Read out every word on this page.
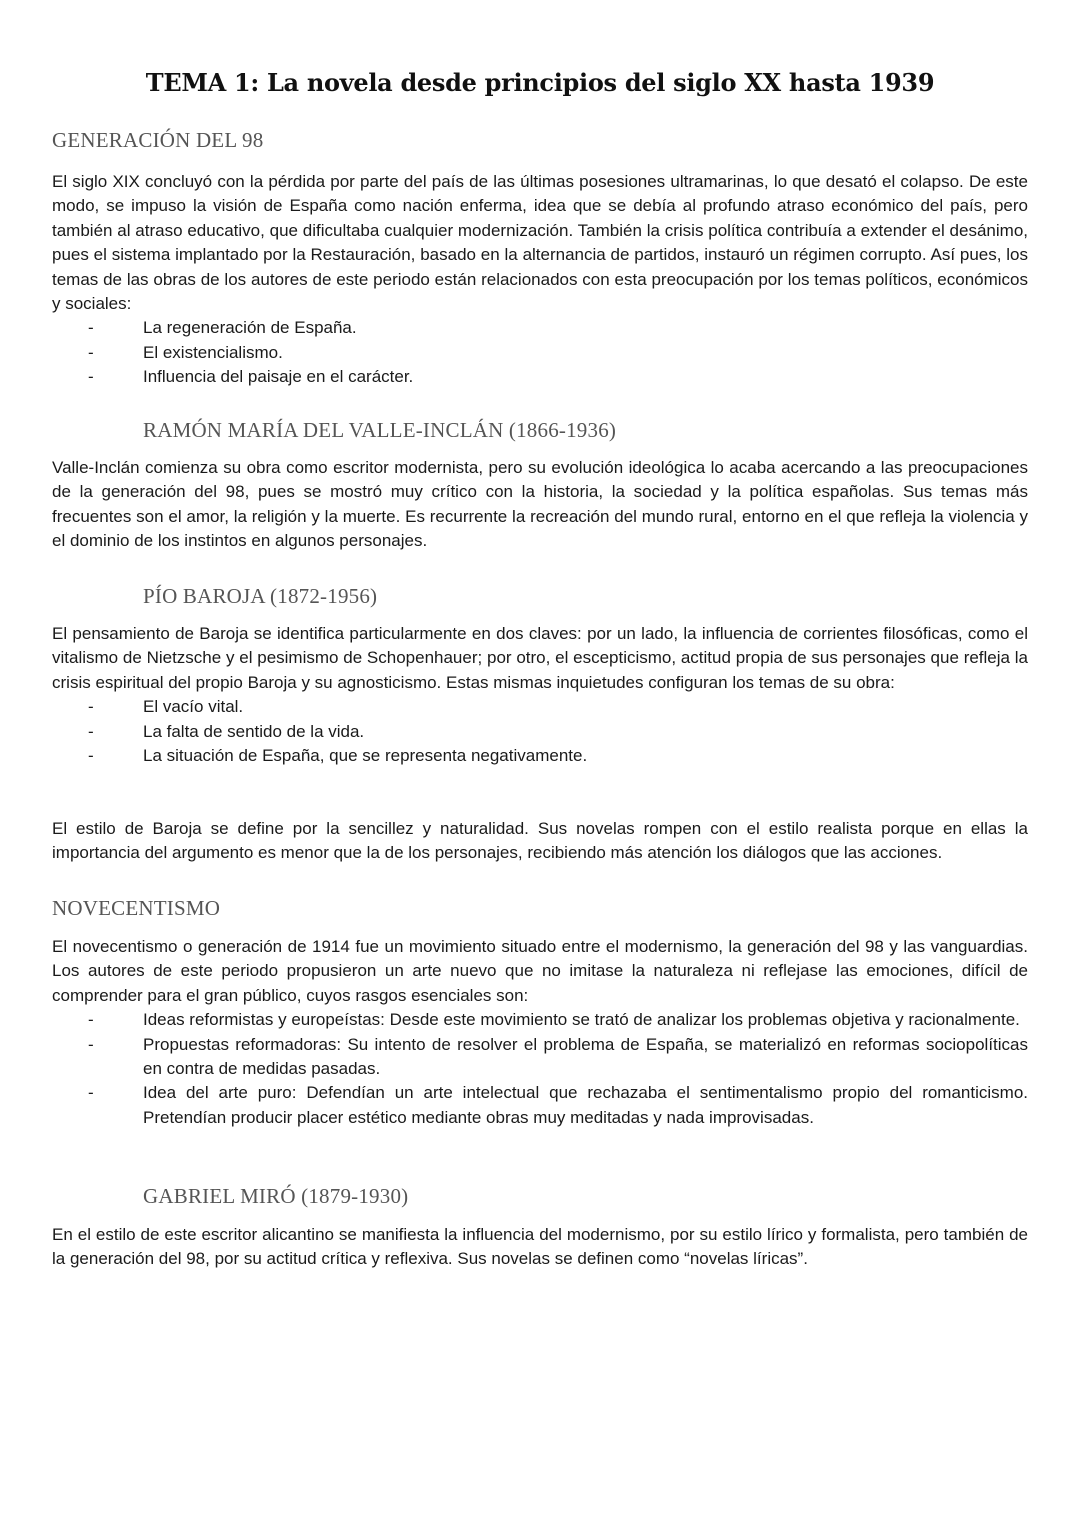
TEMA 1: La novela desde principios del siglo XX hasta 1939
GENERACIÓN DEL 98

El siglo XIX concluyó con la pérdida por parte del país de las últimas posesiones ultramarinas, lo que desató el colapso. De este modo, se impuso la visión de España como nación enferma, idea que se debía al profundo atraso económico del país, pero también al atraso educativo, que dificultaba cualquier modernización. También la crisis política contribuía a extender el desánimo, pues el sistema implantado por la Restauración, basado en la alternancia de partidos, instauró un régimen corrupto. Así pues, los temas de las obras de los autores de este periodo están relacionados con esta preocupación por los temas políticos, económicos y sociales:

-	La regeneración de España.
-	El existencialismo.
-	Influencia del paisaje en el carácter.
RAMÓN MARÍA DEL VALLE-INCLÁN (1866-1936)

Valle-Inclán comienza su obra como escritor modernista, pero su evolución ideológica lo acaba acercando a las preocupaciones de la generación del 98, pues se mostró muy crítico con la historia, la sociedad y la política españolas. Sus temas más frecuentes son el amor, la religión y la muerte. Es recurrente la recreación del mundo rural, entorno en el que refleja la violencia y el dominio de los instintos en algunos personajes.

PÍO BAROJA (1872-1956)

El pensamiento de Baroja se identifica particularmente en dos claves: por un lado, la influencia de corrientes filosóficas, como el vitalismo de Nietzsche y el pesimismo de Schopenhauer; por otro, el escepticismo, actitud propia de sus personajes que refleja la crisis espiritual del propio Baroja y su agnosticismo. Estas mismas inquietudes configuran los temas de su obra:

-	El vacío vital.
-	La falta de sentido de la vida.
-	La situación de España, que se representa negativamente.

El estilo de Baroja se define por la sencillez y naturalidad. Sus novelas rompen con el estilo realista porque en ellas la importancia del argumento es menor que la de los personajes, recibiendo más atención los diálogos que las acciones.

NOVECENTISMO

El novecentismo o generación de 1914 fue un movimiento situado entre el modernismo, la generación del 98 y las vanguardias. Los autores de este periodo propusieron un arte nuevo que no imitase la naturaleza ni reflejase las emociones, difícil de comprender para el gran público, cuyos rasgos esenciales son:

-	Ideas reformistas y europeístas: Desde este movimiento se trató de analizar los problemas objetiva y racionalmente.
-	Propuestas reformadoras: Su intento de resolver el problema de España, se materializó en reformas sociopolíticas en contra de medidas pasadas.
-	Idea del arte puro: Defendían un arte intelectual que rechazaba el sentimentalismo propio del romanticismo. Pretendían producir placer estético mediante obras muy meditadas y nada improvisadas.
GABRIEL MIRÓ (1879-1930)

En el estilo de este escritor alicantino se manifiesta la influencia del modernismo, por su estilo lírico y formalista, pero también de la generación del 98, por su actitud crítica y reflexiva. Sus novelas se definen como “novelas líricas”.
